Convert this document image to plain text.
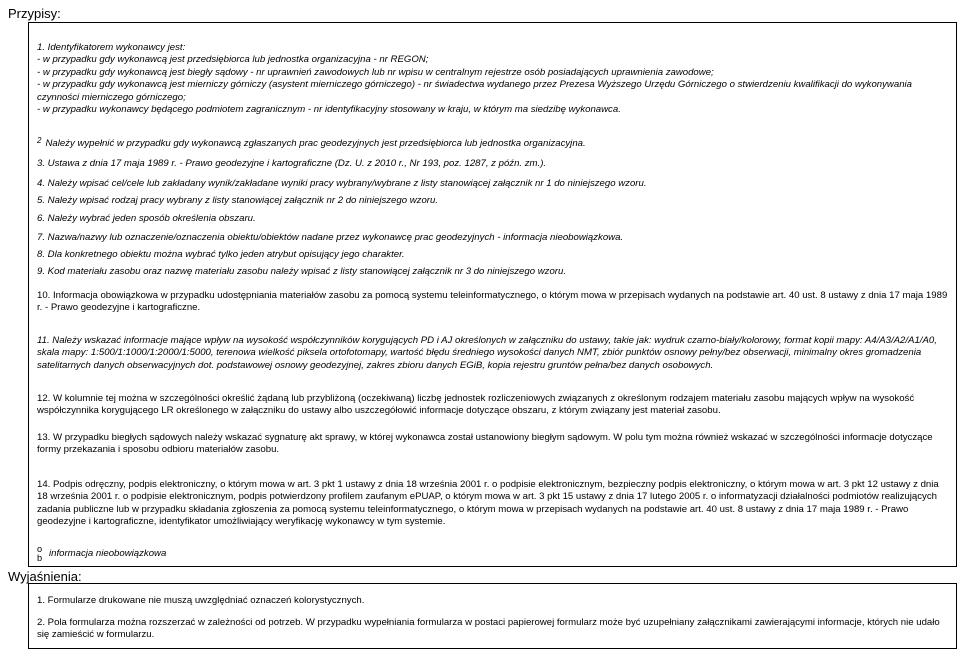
Przypisy:
1. Identyfikatorem wykonawcy jest:
- w przypadku gdy wykonawcą jest przedsiębiorca lub jednostka organizacyjna - nr REGON;
- w przypadku gdy wykonawcą jest biegły sądowy - nr uprawnień zawodowych lub nr wpisu w centralnym rejestrze osób posiadających uprawnienia zawodowe;
- w przypadku gdy wykonawcą jest mierniczy górniczy (asystent mierniczego górniczego) - nr świadectwa wydanego przez Prezesa Wyższego Urzędu Górniczego o stwierdzeniu kwalifikacji do wykonywania czynności mierniczego górniczego;
- w przypadku wykonawcy będącego podmiotem zagranicznym - nr identyfikacyjny stosowany w kraju, w którym ma siedzibę wykonawca.
$^2$ Należy wypełnić w przypadku gdy wykonawcą zgłaszanych prac geodezyjnych jest przedsiębiorca lub jednostka organizacyjna.
3. Ustawa z dnia 17 maja 1989 r. - Prawo geodezyjne i kartograficzne (Dz. U. z 2010 r., Nr 193, poz. 1287, z późn. zm.).
4. Należy wpisać cel/cele lub zakładany wynik/zakładane wyniki pracy wybrany/wybrane z listy stanowiącej załącznik nr 1 do niniejszego wzoru.
5. Należy wpisać rodzaj pracy wybrany z listy stanowiącej załącznik nr 2 do niniejszego wzoru.
6. Należy wybrać jeden sposób określenia obszaru.
7. Nazwa/nazwy lub oznaczenie/oznaczenia obiektu/obiektów nadane przez wykonawcę prac geodezyjnych - informacja nieobowiązkowa.
8. Dla konkretnego obiektu można wybrać tylko jeden atrybut opisujący jego charakter.
9. Kod materiału zasobu oraz nazwę materiału zasobu należy wpisać z listy stanowiącej załącznik nr 3 do niniejszego wzoru.
10. Informacja obowiązkowa w przypadku udostępniania materiałów zasobu za pomocą systemu teleinformatycznego, o którym mowa w przepisach wydanych na podstawie art. 40 ust. 8 ustawy z dnia 17 maja 1989 r. - Prawo geodezyjne i kartograficzne.
11. Należy wskazać informacje mające wpływ na wysokość współczynników korygujących PD i AJ określonych w załączniku do ustawy, takie jak: wydruk czarno-biały/kolorowy, format kopii mapy: A4/A3/A2/A1/A0, skala mapy: 1:500/1:1000/1:2000/1:5000, terenowa wielkość piksela ortofotomapy, wartość błędu średniego wysokości danych NMT, zbiór punktów osnowy pełny/bez obserwacji, minimalny okres gromadzenia satelitarnych danych obserwacyjnych dot. podstawowej osnowy geodezyjnej, zakres zbioru danych EGiB, kopia rejestru gruntów pełna/bez danych osobowych.
12. W kolumnie tej można w szczególności określić żądaną lub przybliżoną (oczekiwaną) liczbę jednostek rozliczeniowych związanych z określonym rodzajem materiału zasobu mających wpływ na wysokość współczynnika korygującego LR określonego w załączniku do ustawy albo uszczegółowić informacje dotyczące obszaru, z którym związany jest materiał zasobu.
13. W przypadku biegłych sądowych należy wskazać sygnaturę akt sprawy, w której wykonawca został ustanowiony biegłym sądowym. W polu tym można również wskazać w szczególności informacje dotyczące formy przekazania i sposobu odbioru materiałów zasobu.
14. Podpis odręczny, podpis elektroniczny, o którym mowa w art. 3 pkt 1 ustawy z dnia 18 września 2001 r. o podpisie elektronicznym, bezpieczny podpis elektroniczny, o którym mowa w art. 3 pkt 12 ustawy z dnia 18 września 2001 r. o podpisie elektronicznym, podpis potwierdzony profilem zaufanym ePUAP, o którym mowa w art. 3 pkt 15 ustawy z dnia 17 lutego 2005 r. o informatyzacji działalności podmiotów realizujących zadania publiczne lub w przypadku składania zgłoszenia za pomocą systemu teleinformatycznego, o którym mowa w przepisach wydanych na podstawie art. 40 ust. 8 ustawy z dnia 17 maja 1989 r. - Prawo geodezyjne i kartograficzne, identyfikator umożliwiający weryfikację wykonawcy w tym systemie.
o b informacja nieobowiązkowa
Wyjaśnienia:
1. Formularze drukowane nie muszą uwzględniać oznaczeń kolorystycznych.
2. Pola formularza można rozszerzać w zależności od potrzeb. W przypadku wypełniania formularza w postaci papierowej formularz może być uzupełniany załącznikami zawierającymi informacje, których nie udało się zamieścić w formularzu.
